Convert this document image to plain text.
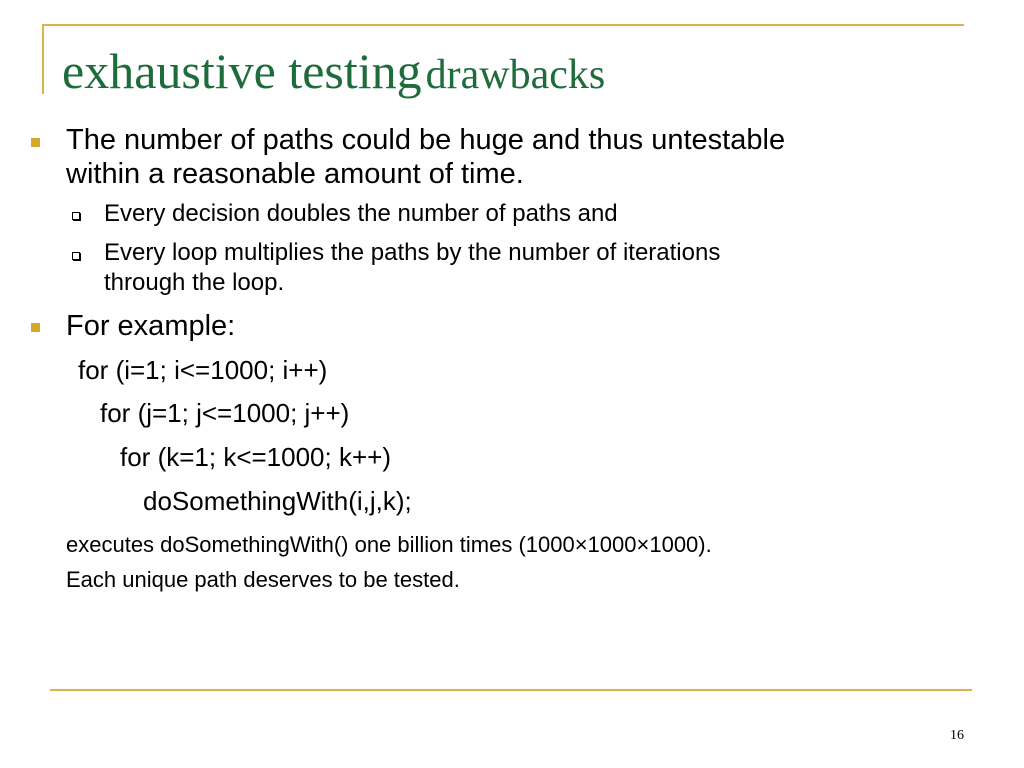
exhaustive testing drawbacks
The number of paths could be huge and thus untestable
within a reasonable amount of time.
Every decision doubles the number of paths and
Every loop multiplies the paths by the number of iterations
through the loop.
For example:
for (i=1; i<=1000; i++)
for (j=1; j<=1000; j++)
for (k=1; k<=1000; k++)
doSomethingWith(i,j,k);
executes doSomethingWith() one billion times (1000×1000×1000).
Each unique path deserves to be tested.
16
